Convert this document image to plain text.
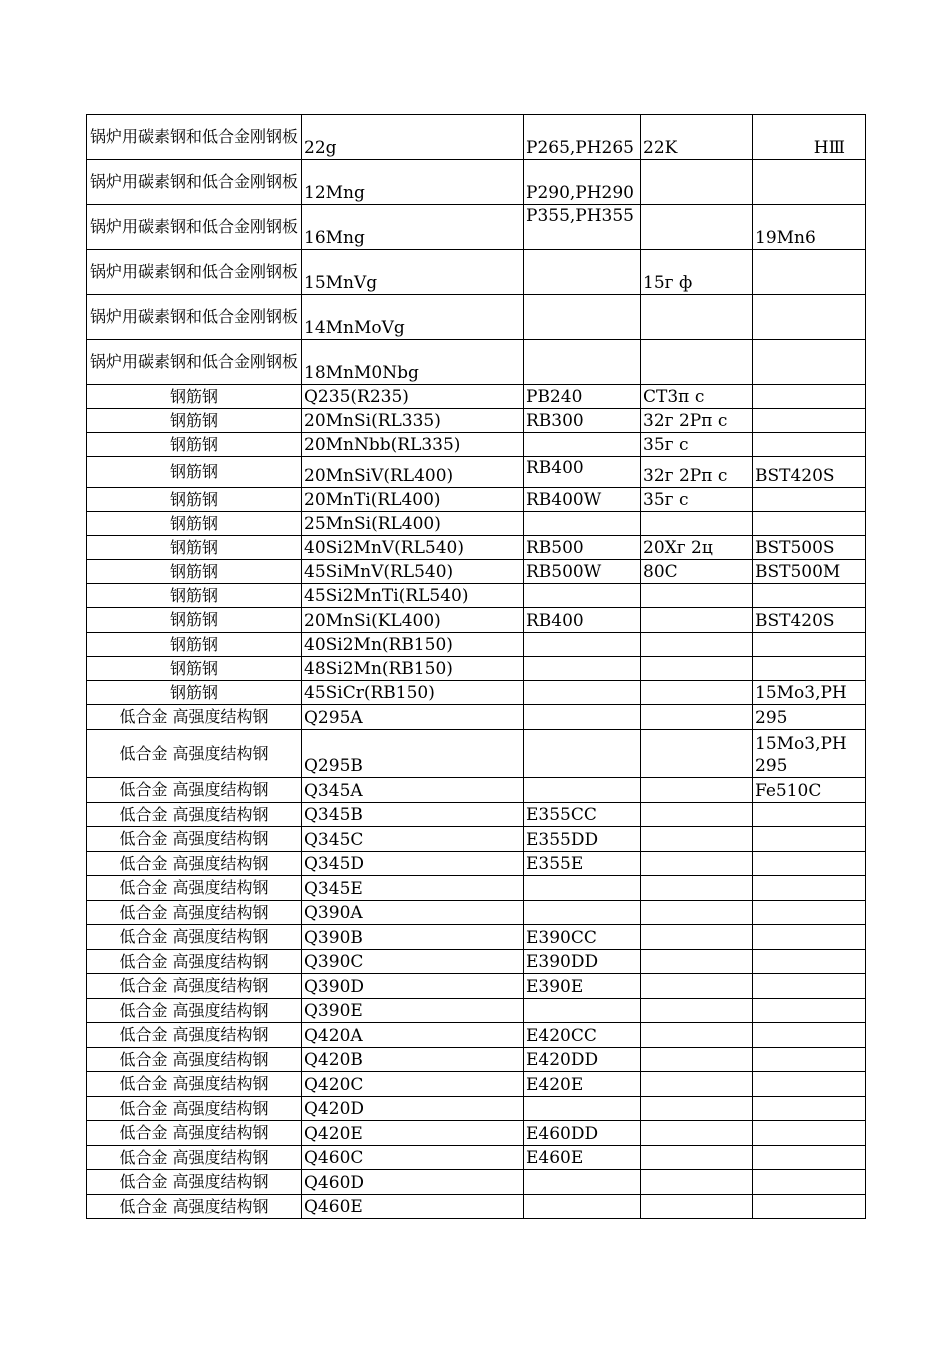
锅炉用碳素钢和低合金刚钢板	22g	P265,PH265	22K	HⅢ
锅炉用碳素钢和低合金刚钢板	12Mng	P290,PH290		
锅炉用碳素钢和低合金刚钢板	16Mng	P355,PH355		19Mn6
锅炉用碳素钢和低合金刚钢板	15MnVg		15г ф	
锅炉用碳素钢和低合金刚钢板	14MnMoVg			
锅炉用碳素钢和低合金刚钢板	18MnM0Nbg			
钢筋钢	Q235(R235)	PB240	CT3п с	
钢筋钢	20MnSi(RL335)	RB300	32г 2Рп с	
钢筋钢	20MnNbb(RL335)		35г с	
钢筋钢	20MnSiV(RL400)	RB400	32г 2Рп с	BST420S
钢筋钢	20MnTi(RL400)	RB400W	35г с	
钢筋钢	25MnSi(RL400)			
钢筋钢	40Si2MnV(RL540)	RB500	20Хг 2ц	BST500S
钢筋钢	45SiMnV(RL540)	RB500W	80C	BST500M
钢筋钢	45Si2MnTi(RL540)			
钢筋钢	20MnSi(KL400)	RB400		BST420S
钢筋钢	40Si2Mn(RB150)			
钢筋钢	48Si2Mn(RB150)			
钢筋钢	45SiCr(RB150)			15Mo3,PH
低合金 高强度结构钢	Q295A			295
低合金 高强度结构钢	Q295B			15Mo3,PH 295
低合金 高强度结构钢	Q345A			Fe510C
低合金 高强度结构钢	Q345B	E355CC		
低合金 高强度结构钢	Q345C	E355DD		
低合金 高强度结构钢	Q345D	E355E		
低合金 高强度结构钢	Q345E			
低合金 高强度结构钢	Q390A			
低合金 高强度结构钢	Q390B	E390CC		
低合金 高强度结构钢	Q390C	E390DD		
低合金 高强度结构钢	Q390D	E390E		
低合金 高强度结构钢	Q390E			
低合金 高强度结构钢	Q420A	E420CC		
低合金 高强度结构钢	Q420B	E420DD		
低合金 高强度结构钢	Q420C	E420E		
低合金 高强度结构钢	Q420D			
低合金 高强度结构钢	Q420E	E460DD		
低合金 高强度结构钢	Q460C	E460E		
低合金 高强度结构钢	Q460D			
低合金 高强度结构钢	Q460E			
